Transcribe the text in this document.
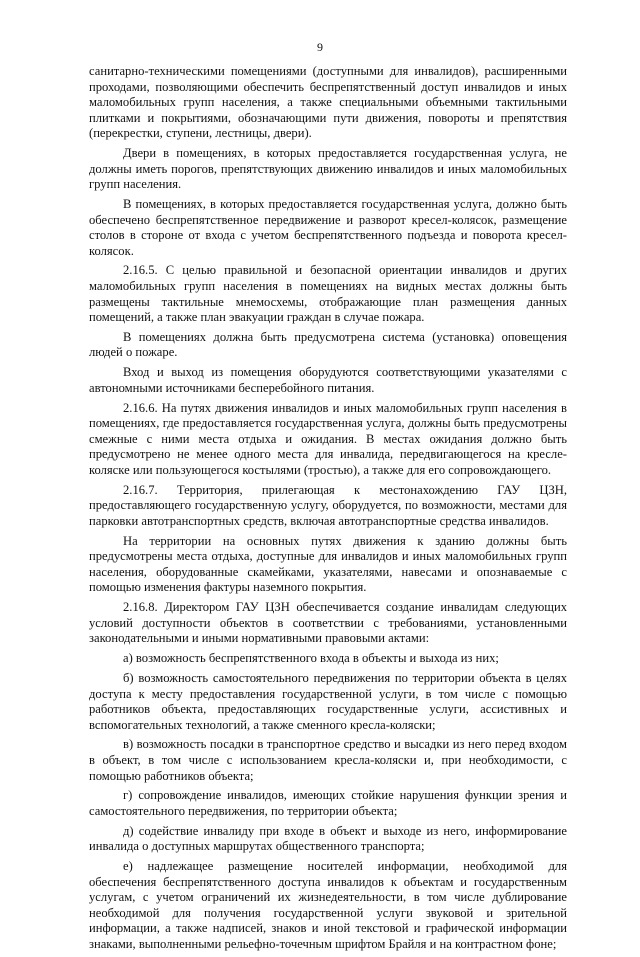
9

санитарно-техническими помещениями (доступными для инвалидов), расширенными проходами, позволяющими обеспечить беспрепятственный доступ инвалидов и иных маломобильных групп населения, а также специальными объемными тактильными плитками и покрытиями, обозначающими пути движения, повороты и препятствия (перекрестки, ступени, лестницы, двери).

Двери в помещениях, в которых предоставляется государственная услуга, не должны иметь порогов, препятствующих движению инвалидов и иных маломобильных групп населения.

В помещениях, в которых предоставляется государственная услуга, должно быть обеспечено беспрепятственное передвижение и разворот кресел-колясок, размещение столов в стороне от входа с учетом беспрепятственного подъезда и поворота кресел-колясок.

2.16.5. С целью правильной и безопасной ориентации инвалидов и других маломобильных групп населения в помещениях на видных местах должны быть размещены тактильные мнемосхемы, отображающие план размещения данных помещений, а также план эвакуации граждан в случае пожара.

В помещениях должна быть предусмотрена система (установка) оповещения людей о пожаре.

Вход и выход из помещения оборудуются соответствующими указателями с автономными источниками бесперебойного питания.

2.16.6. На путях движения инвалидов и иных маломобильных групп населения в помещениях, где предоставляется государственная услуга, должны быть предусмотрены смежные с ними места отдыха и ожидания. В местах ожидания должно быть предусмотрено не менее одного места для инвалида, передвигающегося на кресле-коляске или пользующегося костылями (тростью), а также для его сопровождающего.

2.16.7. Территория, прилегающая к местонахождению ГАУ ЦЗН, предоставляющего государственную услугу, оборудуется, по возможности, местами для парковки автотранспортных средств, включая автотранспортные средства инвалидов.

На территории на основных путях движения к зданию должны быть предусмотрены места отдыха, доступные для инвалидов и иных маломобильных групп населения, оборудованные скамейками, указателями, навесами и опознаваемые с помощью изменения фактуры наземного покрытия.

2.16.8. Директором ГАУ ЦЗН обеспечивается создание инвалидам следующих условий доступности объектов в соответствии с требованиями, установленными законодательными и иными нормативными правовыми актами:

а) возможность беспрепятственного входа в объекты и выхода из них;

б) возможность самостоятельного передвижения по территории объекта в целях доступа к месту предоставления государственной услуги, в том числе с помощью работников объекта, предоставляющих государственные услуги, ассистивных и вспомогательных технологий, а также сменного кресла-коляски;

в) возможность посадки в транспортное средство и высадки из него перед входом в объект, в том числе с использованием кресла-коляски и, при необходимости, с помощью работников объекта;

г) сопровождение инвалидов, имеющих стойкие нарушения функции зрения и самостоятельного передвижения, по территории объекта;

д) содействие инвалиду при входе в объект и выходе из него, информирование инвалида о доступных маршрутах общественного транспорта;

е) надлежащее размещение носителей информации, необходимой для обеспечения беспрепятственного доступа инвалидов к объектам и государственным услугам, с учетом ограничений их жизнедеятельности, в том числе дублирование необходимой для получения государственной услуги звуковой и зрительной информации, а также надписей, знаков и иной текстовой и графической информации знаками, выполненными рельефно-точечным шрифтом Брайля и на контрастном фоне;
